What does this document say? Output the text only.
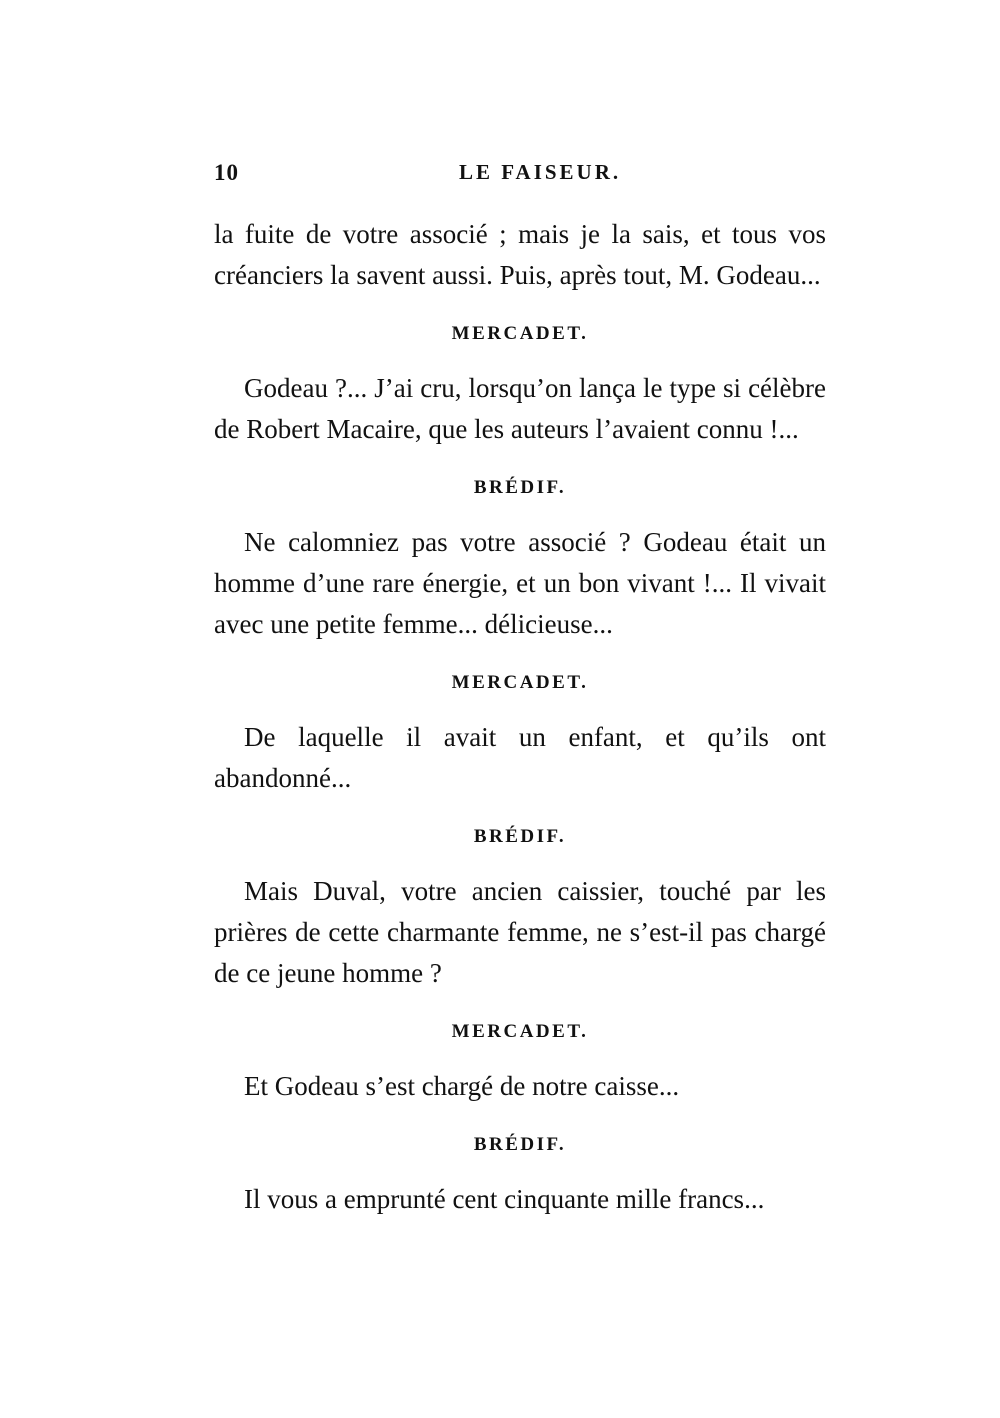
10	LE FAISEUR.

la fuite de votre associé ; mais je la sais, et tous vos créanciers la savent aussi. Puis, après tout, M. Godeau...

MERCADET.

Godeau ?... J’ai cru, lorsqu’on lança le type si célèbre de Robert Macaire, que les auteurs l’avaient connu !...

BRÉDIF.

Ne calomniez pas votre associé ? Godeau était un homme d’une rare énergie, et un bon vivant !... Il vivait avec une petite femme... délicieuse...

MERCADET.

De laquelle il avait un enfant, et qu’ils ont abandonné...

BRÉDIF.

Mais Duval, votre ancien caissier, touché par les prières de cette charmante femme, ne s’est-il pas chargé de ce jeune homme ?

MERCADET.

Et Godeau s’est chargé de notre caisse...

BRÉDIF.

Il vous a emprunté cent cinquante mille francs...
